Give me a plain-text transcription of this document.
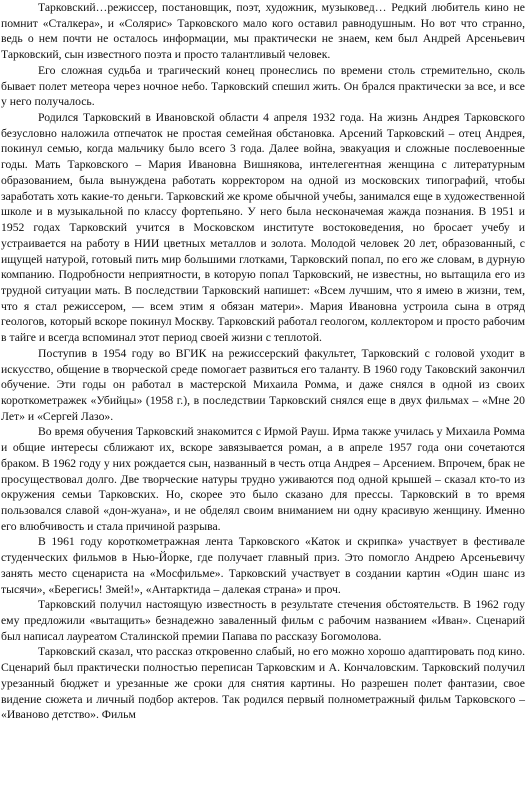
Тарковский…режиссер, постановщик, поэт, художник, музыковед… Редкий любитель кино не помнит «Сталкера», и «Солярис» Тарковского мало кого оставил равнодушным. Но вот что странно, ведь о нем почти не осталось информации, мы практически не знаем, кем был Андрей Арсеньевич Тарковский, сын известного поэта и просто талантливый человек.

Его сложная судьба и трагический конец пронеслись по времени столь стремительно, сколь бывает полет метеора через ночное небо. Тарковский спешил жить. Он брался практически за все, и все у него получалось.

Родился Тарковский в Ивановской области 4 апреля 1932 года. На жизнь Андрея Тарковского безусловно наложила отпечаток не простая семейная обстановка. Арсений Тарковский – отец Андрея, покинул семью, когда мальчику было всего 3 года. Далее война, эвакуация и сложные послевоенные годы. Мать Тарковского – Мария Ивановна Вишнякова, интелегентная женщина с литературным образованием, была вынуждена работать корректором на одной из московских типографий, чтобы заработать хоть какие-то деньги. Тарковский же кроме обычной учебы, занимался еще в художественной школе и в музыкальной по классу фортепьяно. У него была несконачемая жажда познания. В 1951 и 1952 годах Тарковский учится в Московском институте востоковедения, но бросает учебу и устраивается на работу в НИИ цветных металлов и золота. Молодой человек 20 лет, образованный, с ищущей натурой, готовый пить мир большими глотками, Тарковский попал, по его же словам, в дурную компанию. Подробности неприятности, в которую попал Тарковский, не известны, но вытащила его из трудной ситуации мать. В последствии Тарковский напишет: «Всем лучшим, что я имею в жизни, тем, что я стал режиссером, — всем этим я обязан матери». Мария Ивановна устроила сына в отряд геологов, который вскоре покинул Москву. Тарковский работал геологом, коллектором и просто рабочим в тайге и всегда вспоминал этот период своей жизни с теплотой.

Поступив в 1954 году во ВГИК на режиссерский факультет, Тарковский с головой уходит в искусство, общение в творческой среде помогает развиться его таланту. В 1960 году Таковский закончил обучение. Эти годы он работал в мастерской Михаила Ромма, и даже снялся в одной из своих короткометражек «Убийцы» (1958 г.), в последствии Тарковский снялся еще в двух фильмах – «Мне 20 Лет» и «Сергей Лазо».

Во время обучения Тарковский знакомится с Ирмой Рауш. Ирма также училась у Михаила Ромма и общие интересы сближают их, вскоре завязывается роман, а в апреле 1957 года они сочетаются браком. В 1962 году у них рождается сын, названный в честь отца Андрея – Арсением. Впрочем, брак не просуществовал долго. Две творческие натуры трудно уживаются под одной крышей – сказал кто-то из окружения семьи Тарковских. Но, скорее это было сказано для прессы. Тарковский в то время пользовался славой «дон-жуана», и не обделял своим вниманием ни одну красивую женщину. Именно его влюбчивость и стала причиной разрыва.

В 1961 году короткометражная лента Тарковского «Каток и скрипка» участвует в фестивале студенческих фильмов в Нью-Йорке, где получает главный приз. Это помогло Андрею Арсеньевичу занять место сценариста на «Мосфильме». Тарковский участвует в создании картин «Один шанс из тысячи», «Берегись! Змей!», «Антарктида – далекая страна» и проч.

Тарковский получил настоящую известность в результате стечения обстоятельств. В 1962 году ему предложили «вытащить» безнадежно заваленный фильм с рабочим названием «Иван». Сценарий был написал лауреатом Сталинской премии Папава по рассказу Богомолова.

Тарковский сказал, что рассказ откровенно слабый, но его можно хорошо адаптировать под кино. Сценарий был практически полностью переписан Тарковским и А. Кончаловским. Тарковский получил урезанный бюджет и урезанные же сроки для снятия картины. Но разрешен полет фантазии, свое видение сюжета и личный подбор актеров. Так родился первый полнометражный фильм Тарковского – «Иваново детство». Фильм
